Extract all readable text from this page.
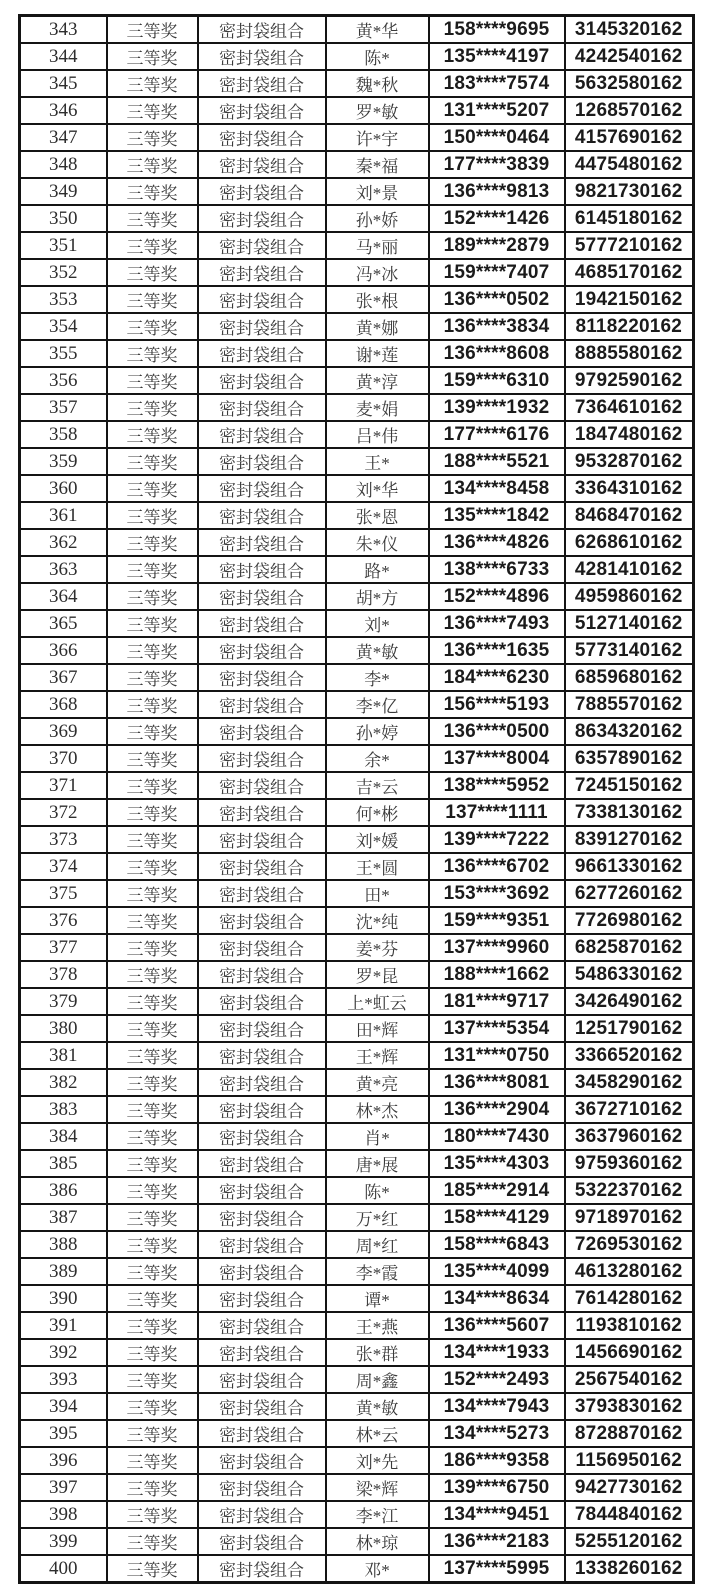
343	三等奖	密封袋组合	黄*华	158****9695	3145320162
344	三等奖	密封袋组合	陈*	135****4197	4242540162
345	三等奖	密封袋组合	魏*秋	183****7574	5632580162
346	三等奖	密封袋组合	罗*敏	131****5207	1268570162
347	三等奖	密封袋组合	许*宇	150****0464	4157690162
348	三等奖	密封袋组合	秦*福	177****3839	4475480162
349	三等奖	密封袋组合	刘*景	136****9813	9821730162
350	三等奖	密封袋组合	孙*娇	152****1426	6145180162
351	三等奖	密封袋组合	马*丽	189****2879	5777210162
352	三等奖	密封袋组合	冯*冰	159****7407	4685170162
353	三等奖	密封袋组合	张*根	136****0502	1942150162
354	三等奖	密封袋组合	黄*娜	136****3834	8118220162
355	三等奖	密封袋组合	谢*莲	136****8608	8885580162
356	三等奖	密封袋组合	黄*淳	159****6310	9792590162
357	三等奖	密封袋组合	麦*娟	139****1932	7364610162
358	三等奖	密封袋组合	吕*伟	177****6176	1847480162
359	三等奖	密封袋组合	王*	188****5521	9532870162
360	三等奖	密封袋组合	刘*华	134****8458	3364310162
361	三等奖	密封袋组合	张*恩	135****1842	8468470162
362	三等奖	密封袋组合	朱*仪	136****4826	6268610162
363	三等奖	密封袋组合	路*	138****6733	4281410162
364	三等奖	密封袋组合	胡*方	152****4896	4959860162
365	三等奖	密封袋组合	刘*	136****7493	5127140162
366	三等奖	密封袋组合	黄*敏	136****1635	5773140162
367	三等奖	密封袋组合	李*	184****6230	6859680162
368	三等奖	密封袋组合	李*亿	156****5193	7885570162
369	三等奖	密封袋组合	孙*婷	136****0500	8634320162
370	三等奖	密封袋组合	余*	137****8004	6357890162
371	三等奖	密封袋组合	吉*云	138****5952	7245150162
372	三等奖	密封袋组合	何*彬	137****1111	7338130162
373	三等奖	密封袋组合	刘*媛	139****7222	8391270162
374	三等奖	密封袋组合	王*圆	136****6702	9661330162
375	三等奖	密封袋组合	田*	153****3692	6277260162
376	三等奖	密封袋组合	沈*纯	159****9351	7726980162
377	三等奖	密封袋组合	姜*芬	137****9960	6825870162
378	三等奖	密封袋组合	罗*昆	188****1662	5486330162
379	三等奖	密封袋组合	上*虹云	181****9717	3426490162
380	三等奖	密封袋组合	田*辉	137****5354	1251790162
381	三等奖	密封袋组合	王*辉	131****0750	3366520162
382	三等奖	密封袋组合	黄*亮	136****8081	3458290162
383	三等奖	密封袋组合	林*杰	136****2904	3672710162
384	三等奖	密封袋组合	肖*	180****7430	3637960162
385	三等奖	密封袋组合	唐*展	135****4303	9759360162
386	三等奖	密封袋组合	陈*	185****2914	5322370162
387	三等奖	密封袋组合	万*红	158****4129	9718970162
388	三等奖	密封袋组合	周*红	158****6843	7269530162
389	三等奖	密封袋组合	李*霞	135****4099	4613280162
390	三等奖	密封袋组合	谭*	134****8634	7614280162
391	三等奖	密封袋组合	王*燕	136****5607	1193810162
392	三等奖	密封袋组合	张*群	134****1933	1456690162
393	三等奖	密封袋组合	周*鑫	152****2493	2567540162
394	三等奖	密封袋组合	黄*敏	134****7943	3793830162
395	三等奖	密封袋组合	林*云	134****5273	8728870162
396	三等奖	密封袋组合	刘*先	186****9358	1156950162
397	三等奖	密封袋组合	梁*辉	139****6750	9427730162
398	三等奖	密封袋组合	李*江	134****9451	7844840162
399	三等奖	密封袋组合	林*琼	136****2183	5255120162
400	三等奖	密封袋组合	邓*	137****5995	1338260162
